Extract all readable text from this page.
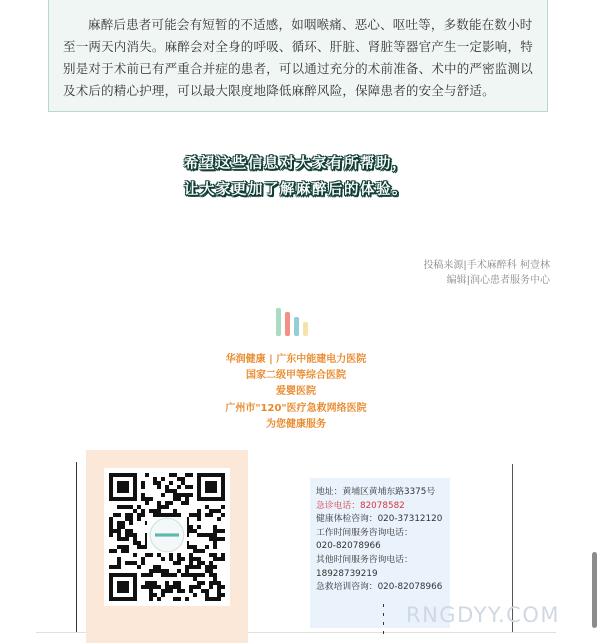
麻醉后患者可能会有短暂的不适感，如咽喉痛、恶心、呕吐等，多数能在数小时至一两天内消失。麻醉会对全身的呼吸、循环、肝脏、肾脏等器官产生一定影响，特别是对于术前已有严重合并症的患者，可以通过充分的术前准备、术中的严密监测以及术后的精心护理，可以最大限度地降低麻醉风险，保障患者的安全与舒适。

希望这些信息对大家有所帮助，
让大家更加了解麻醉后的体验。
投稿来源|手术麻醉科 柯壹林
编辑|润心患者服务中心
华润健康 | 广东中能建电力医院
国家二级甲等综合医院
爱婴医院
广州市"120"医疗急救网络医院
为您健康服务
地址：黄埔区黄埔东路3375号
急诊电话：82078582
健康体检咨询：020-37312120
工作时间服务咨询电话：
020-82078966
其他时间服务咨询电话：
18928739219
急救培训咨询：020-82078966
RNGDYY.COM
